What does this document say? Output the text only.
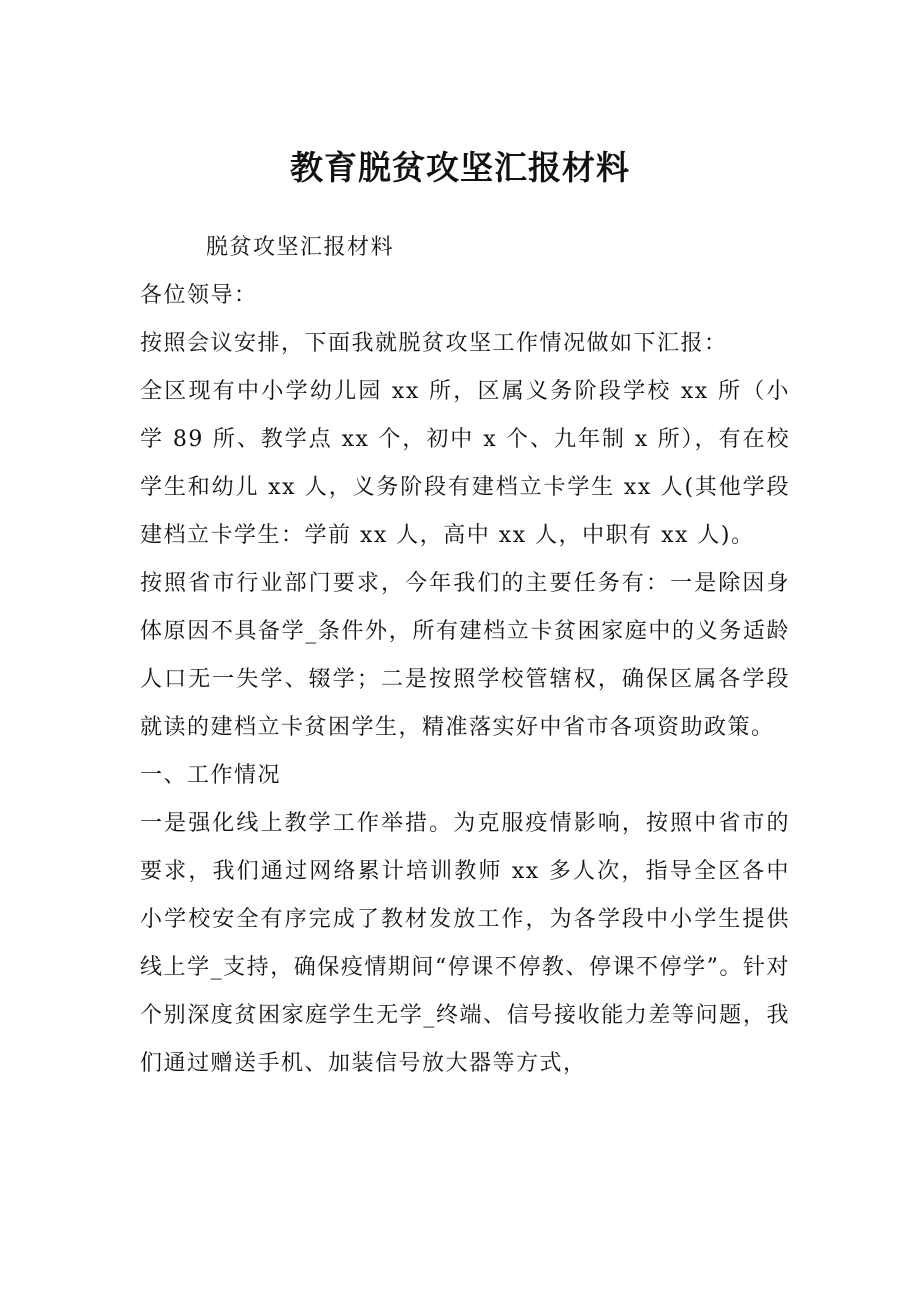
教育脱贫攻坚汇报材料

脱贫攻坚汇报材料

各位领导：

按照会议安排，下面我就脱贫攻坚工作情况做如下汇报：

全区现有中小学幼儿园 xx 所，区属义务阶段学校 xx 所（小学 89 所、教学点 xx 个，初中 x 个、九年制 x 所），有在校学生和幼儿 xx 人，义务阶段有建档立卡学生 xx 人(其他学段建档立卡学生：学前 xx 人，高中 xx 人，中职有 xx 人)。

按照省市行业部门要求，今年我们的主要任务有：一是除因身体原因不具备学_条件外，所有建档立卡贫困家庭中的义务适龄人口无一失学、辍学；二是按照学校管辖权，确保区属各学段就读的建档立卡贫困学生，精准落实好中省市各项资助政策。

一、工作情况

一是强化线上教学工作举措。为克服疫情影响，按照中省市的要求，我们通过网络累计培训教师 xx 多人次，指导全区各中小学校安全有序完成了教材发放工作，为各学段中小学生提供线上学_支持，确保疫情期间“停课不停教、停课不停学”。针对个别深度贫困家庭学生无学_终端、信号接收能力差等问题，我们通过赠送手机、加装信号放大器等方式，
